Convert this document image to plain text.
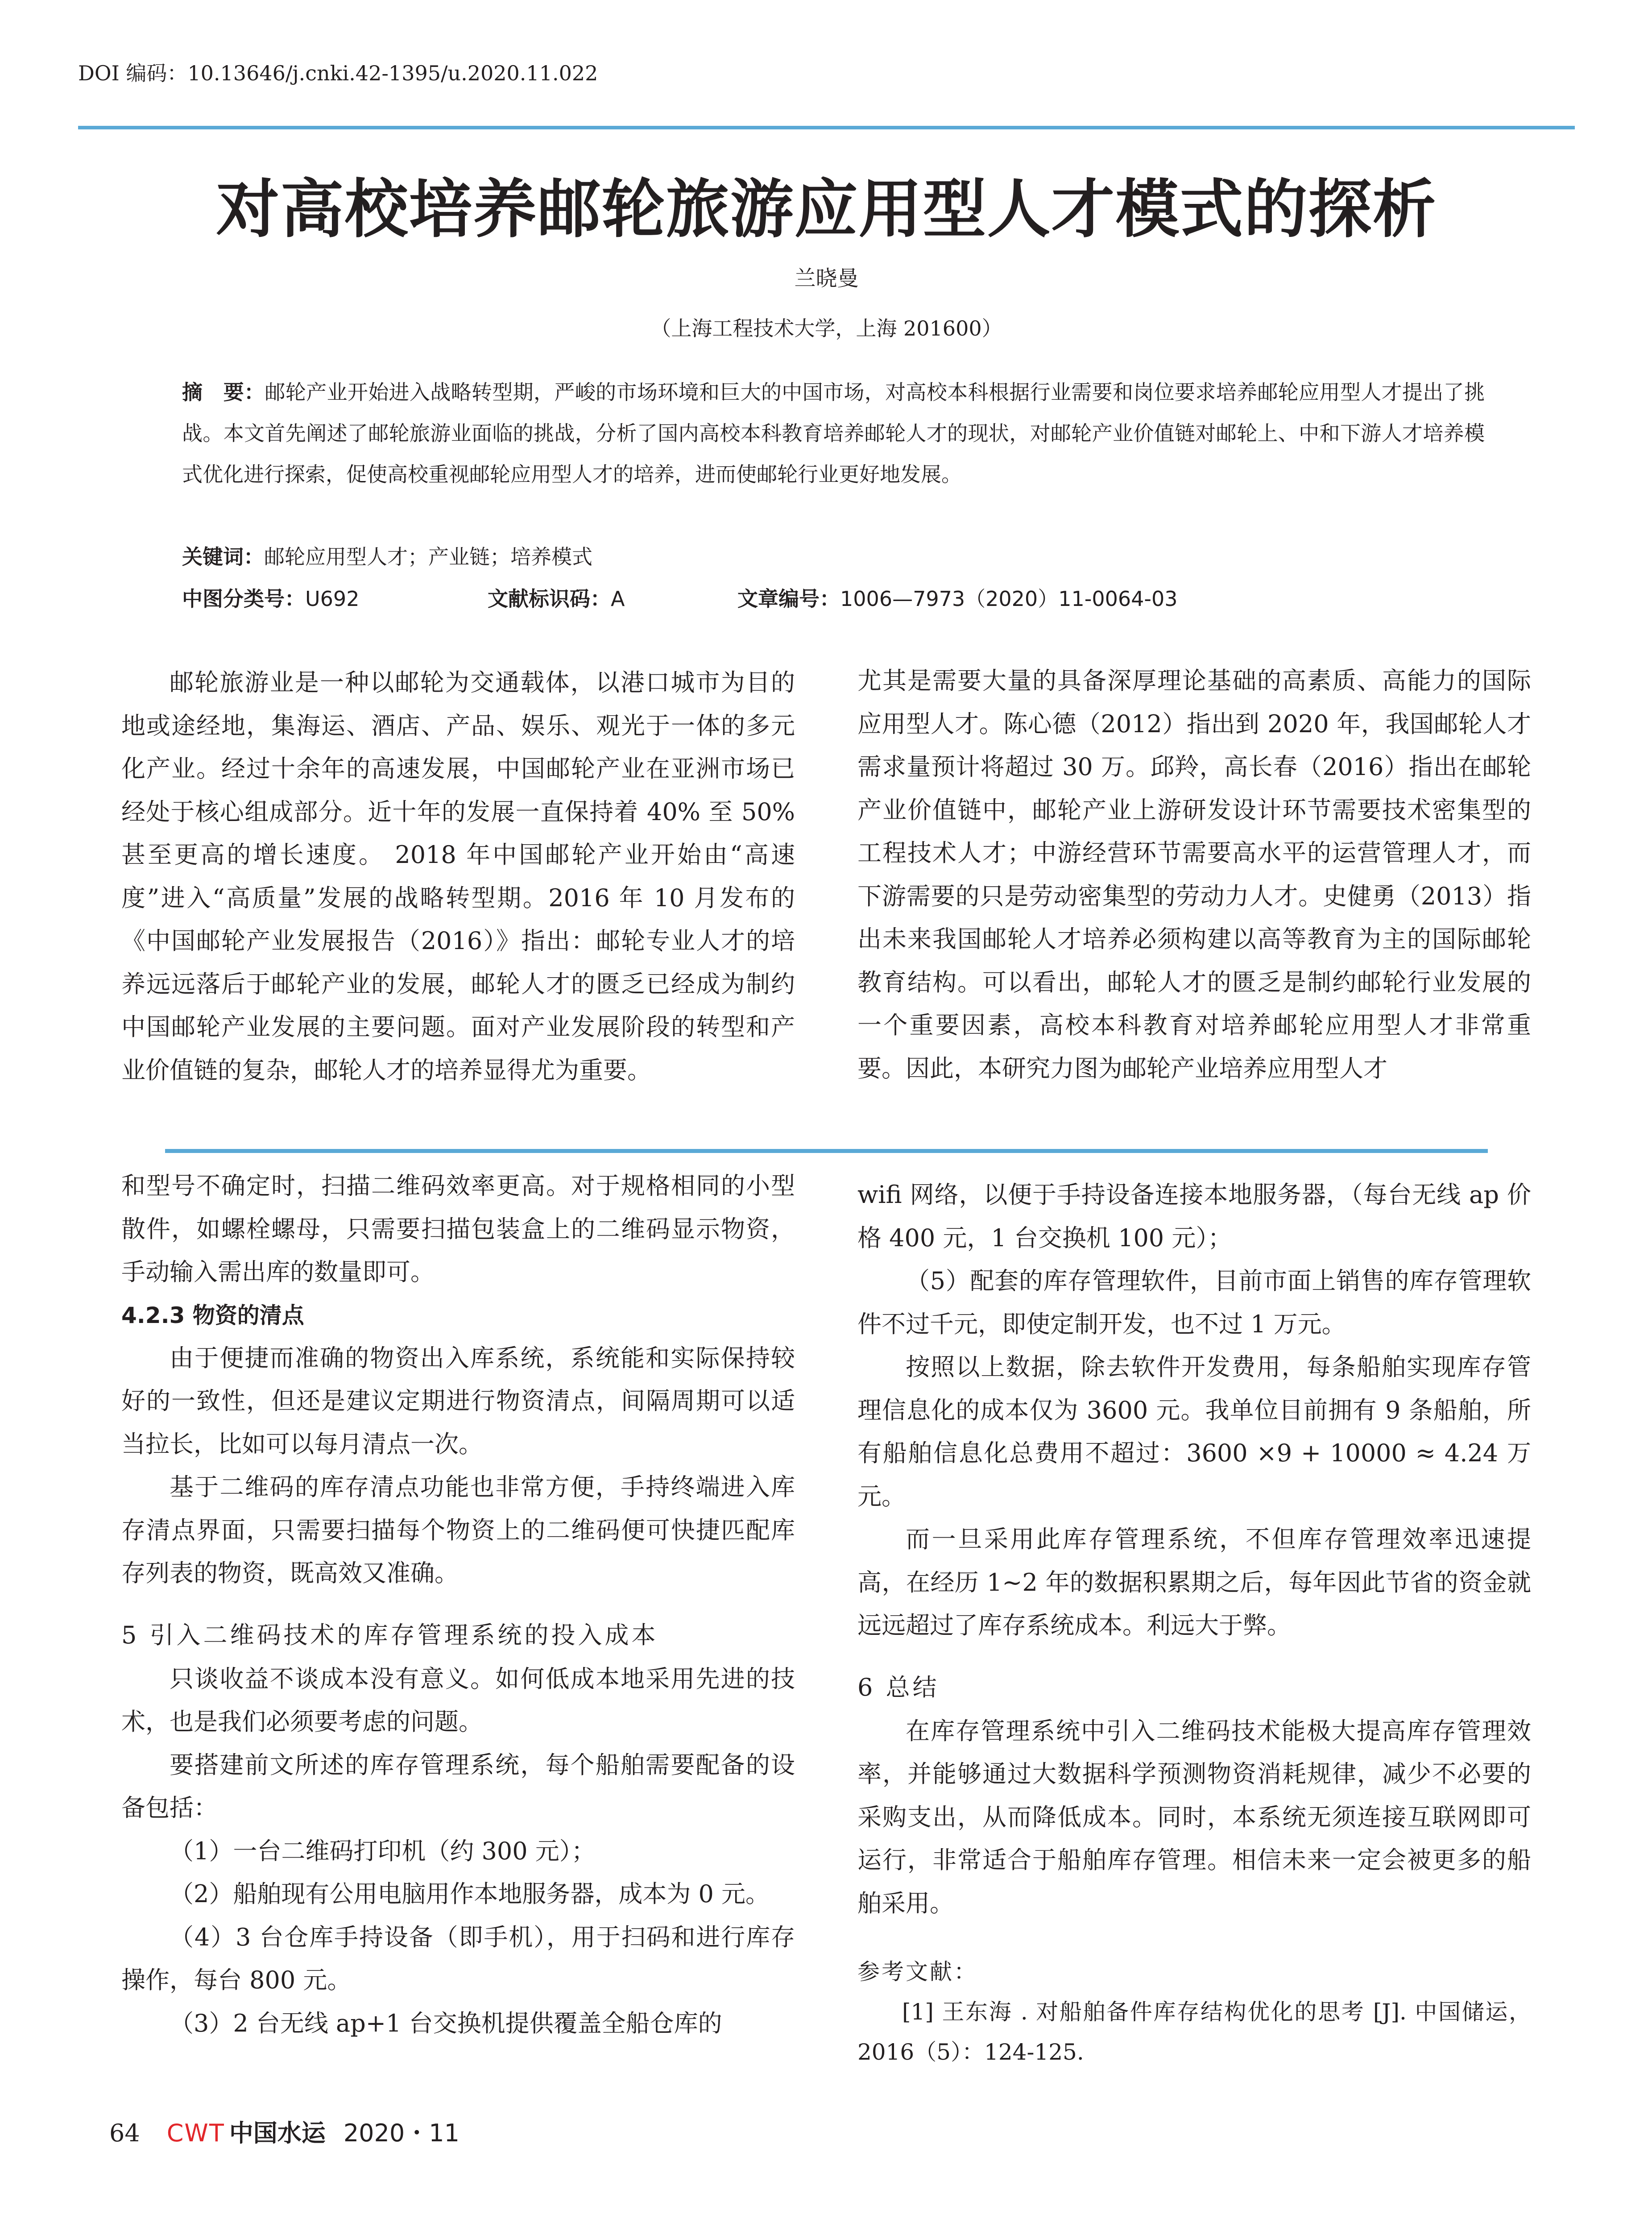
DOI 编码：10.13646/j.cnki.42-1395/u.2020.11.022
对高校培养邮轮旅游应用型人才模式的探析
兰晓曼
（上海工程技术大学，上海 201600）
摘　要：邮轮产业开始进入战略转型期，严峻的市场环境和巨大的中国市场，对高校本科根据行业需要和岗位要求培养邮轮应用型人才提出了挑战。本文首先阐述了邮轮旅游业面临的挑战，分析了国内高校本科教育培养邮轮人才的现状，对邮轮产业价值链对邮轮上、中和下游人才培养模式优化进行探索，促使高校重视邮轮应用型人才的培养，进而使邮轮行业更好地发展。
关键词：邮轮应用型人才；产业链；培养模式
中图分类号：U692	文献标识码：A	文章编号：1006—7973（2020）11-0064-03

邮轮旅游业是一种以邮轮为交通载体，以港口城市为目的地或途经地，集海运、酒店、产品、娱乐、观光于一体的多元化产业。经过十余年的高速发展，中国邮轮产业在亚洲市场已经处于核心组成部分。近十年的发展一直保持着 40% 至 50% 甚至更高的增长速度。 2018 年中国邮轮产业开始由“高速度”进入“高质量”发展的战略转型期。2016 年 10 月发布的《中国邮轮产业发展报告（2016）》指出：邮轮专业人才的培养远远落后于邮轮产业的发展，邮轮人才的匮乏已经成为制约中国邮轮产业发展的主要问题。面对产业发展阶段的转型和产业价值链的复杂，邮轮人才的培养显得尤为重要。

尤其是需要大量的具备深厚理论基础的高素质、高能力的国际应用型人才。陈心德（2012）指出到 2020 年，我国邮轮人才需求量预计将超过 30 万。邱羚，高长春（2016）指出在邮轮产业价值链中，邮轮产业上游研发设计环节需要技术密集型的工程技术人才；中游经营环节需要高水平的运营管理人才，而下游需要的只是劳动密集型的劳动力人才。史健勇（2013）指出未来我国邮轮人才培养必须构建以高等教育为主的国际邮轮教育结构。可以看出，邮轮人才的匮乏是制约邮轮行业发展的一个重要因素，高校本科教育对培养邮轮应用型人才非常重要。因此，本研究力图为邮轮产业培养应用型人才

和型号不确定时，扫描二维码效率更高。对于规格相同的小型散件，如螺栓螺母，只需要扫描包装盒上的二维码显示物资，手动输入需出库的数量即可。

4.2.3 物资的清点

由于便捷而准确的物资出入库系统，系统能和实际保持较好的一致性，但还是建议定期进行物资清点，间隔周期可以适当拉长，比如可以每月清点一次。

基于二维码的库存清点功能也非常方便，手持终端进入库存清点界面，只需要扫描每个物资上的二维码便可快捷匹配库存列表的物资，既高效又准确。

5 引入二维码技术的库存管理系统的投入成本

只谈收益不谈成本没有意义。如何低成本地采用先进的技术，也是我们必须要考虑的问题。

要搭建前文所述的库存管理系统，每个船舶需要配备的设备包括：

（1）一台二维码打印机（约 300 元）；

（2）船舶现有公用电脑用作本地服务器，成本为 0 元。

（4）3 台仓库手持设备（即手机），用于扫码和进行库存操作，每台 800 元。

（3）2 台无线 ap+1 台交换机提供覆盖全船仓库的

wifi 网络，以便于手持设备连接本地服务器，（每台无线 ap 价格 400 元，1 台交换机 100 元）；

（5）配套的库存管理软件，目前市面上销售的库存管理软件不过千元，即使定制开发，也不过 1 万元。

按照以上数据，除去软件开发费用，每条船舶实现库存管理信息化的成本仅为 3600 元。我单位目前拥有 9 条船舶，所有船舶信息化总费用不超过：3600 ×9 + 10000 ≈ 4.24 万元。

而一旦采用此库存管理系统，不但库存管理效率迅速提高，在经历 1~2 年的数据积累期之后，每年因此节省的资金就远远超过了库存系统成本。利远大于弊。

6 总结

在库存管理系统中引入二维码技术能极大提高库存管理效率，并能够通过大数据科学预测物资消耗规律，减少不必要的采购支出，从而降低成本。同时，本系统无须连接互联网即可运行，非常适合于船舶库存管理。相信未来一定会被更多的船舶采用。

参考文献：

[1] 王东海 . 对船舶备件库存结构优化的思考 [J]. 中国储运，2016（5）：124-125.

64 CWT 中国水运 2020・11
